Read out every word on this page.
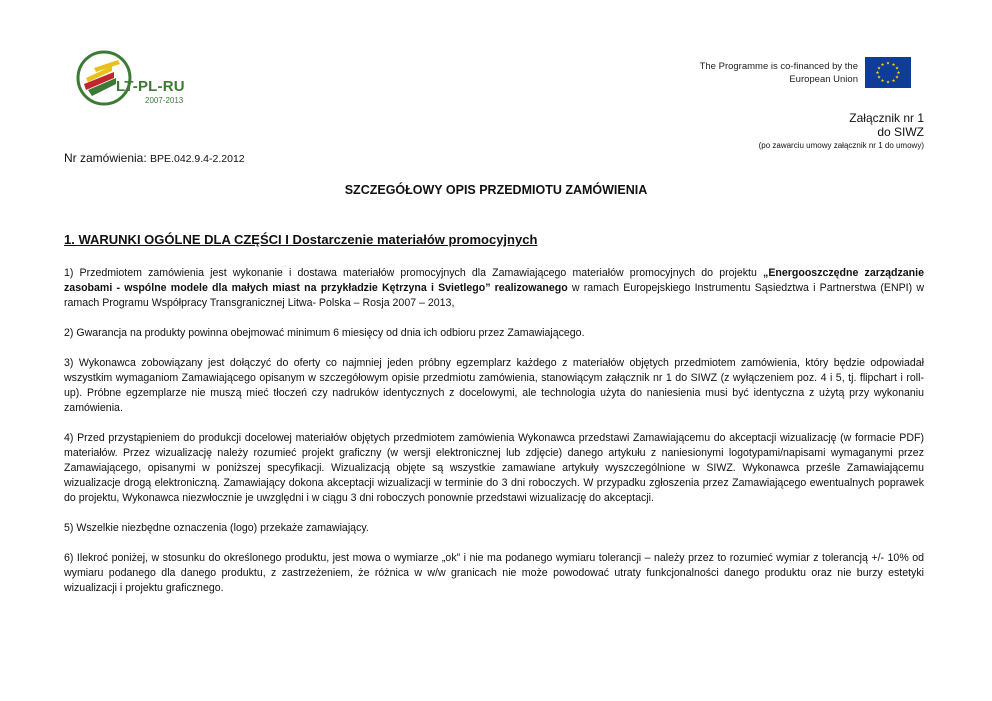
LT-PL-RU
2007-2013
The Programme is co-financed by the
European Union
★ ★
★
★
★
★
★
★
★
★
★
★
Załącznik nr 1
do SIWZ
(po zawarciu umowy załącznik nr 1 do umowy)
Nr zamówienia: BPE.042.9.4-2.2012
SZCZEGÓŁOWY OPIS PRZEDMIOTU ZAMÓWIENIA
1. WARUNKI OGÓLNE DLA CZĘŚCI I Dostarczenie materiałów promocyjnych

1) Przedmiotem zamówienia jest wykonanie i dostawa materiałów promocyjnych dla Zamawiającego materiałów promocyjnych do projektu „Energooszczędne zarządzanie zasobami - wspólne modele dla małych miast na przykładzie Kętrzyna i Svietlego” realizowanego w ramach Europejskiego Instrumentu Sąsiedztwa i Partnerstwa (ENPI) w ramach Programu Współpracy Transgranicznej Litwa- Polska – Rosja 2007 – 2013,

2) Gwarancja na produkty powinna obejmować minimum 6 miesięcy od dnia ich odbioru przez Zamawiającego.

3) Wykonawca zobowiązany jest dołączyć do oferty co najmniej jeden próbny egzemplarz każdego z materiałów objętych przedmiotem zamówienia, który będzie odpowiadał wszystkim wymaganiom Zamawiającego opisanym w szczegółowym opisie przedmiotu zamówienia, stanowiącym załącznik nr 1 do SIWZ (z wyłączeniem poz. 4 i 5, tj. flipchart i roll-up). Próbne egzemplarze nie muszą mieć tłoczeń czy nadruków identycznych z docelowymi, ale technologia użyta do naniesienia musi być identyczna z użytą przy wykonaniu zamówienia.

4) Przed przystąpieniem do produkcji docelowej materiałów objętych przedmiotem zamówienia Wykonawca przedstawi Zamawiającemu do akceptacji wizualizację (w formacie PDF) materiałów. Przez wizualizację należy rozumieć projekt graficzny (w wersji elektronicznej lub zdjęcie) danego artykułu z naniesionymi logotypami/napisami wymaganymi przez Zamawiającego, opisanymi w poniższej specyfikacji. Wizualizacją objęte są wszystkie zamawiane artykuły wyszczególnione w SIWZ. Wykonawca prześle Zamawiającemu wizualizacje drogą elektroniczną. Zamawiający dokona akceptacji wizualizacji w terminie do 3 dni roboczych. W przypadku zgłoszenia przez Zamawiającego ewentualnych poprawek do projektu, Wykonawca niezwłocznie je uwzględni i w ciągu 3 dni roboczych ponownie przedstawi wizualizację do akceptacji.

5) Wszelkie niezbędne oznaczenia (logo) przekaże zamawiający.

6) Ilekroć poniżej, w stosunku do określonego produktu, jest mowa o wymiarze „ok” i nie ma podanego wymiaru tolerancji – należy przez to rozumieć wymiar z tolerancją +/- 10% od wymiaru podanego dla danego produktu, z zastrzeżeniem, że różnica w w/w granicach nie może powodować utraty funkcjonalności danego produktu oraz nie burzy estetyki wizualizacji i projektu graficznego.
